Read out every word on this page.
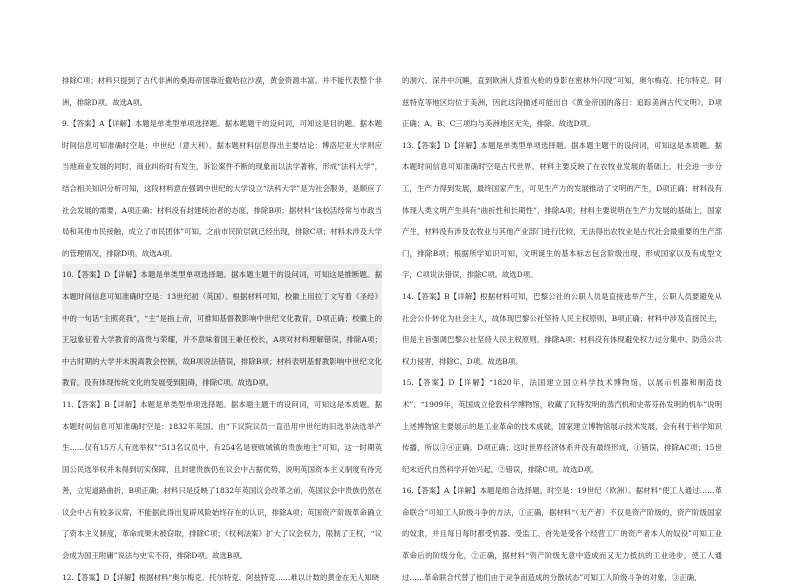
排除C项；材料只提到了古代非洲的桑海帝国靠近撒哈拉沙漠，黄金资源丰富，并不能代表整个非洲，排除D项。故选A项。

9.【答案】A【详解】本题是单类型单项选择题。据本题题干的设问词，可知这是目的题。据本题时间信息可知准确时空是：中世纪（意大利）。据本题材料信息得出主要结论：博洛尼亚大学则应当地商业发展的同时，商业纠纷时有发生，诉讼案件不断的现象而以法学著称，形成“法科大学”，结合相关知识分析可知，这段材料意在强调中世纪的大学设立“法科大学”是为社会服务，是顺应了社会发展的需要，A项正确；材料没有封建统治者的态度，排除B项；据材料“该校活经常与市政当局和其他市民接触，成立了市民团体”可知，之前市民阶层就已经出现，排除C项；材料未涉及大学的管理情况，排除D项。故选A项。

10.【答案】D【详解】本题是单类型单项选择题。据本题主题干的设问词，可知这是推断题。据本题时间信息可知准确时空是：13世纪初（英国）。根据材料可知，校徽上用拉丁文写着《圣经》中的一句话“主照亮我”，“主”是指上帝，可推知基督教影响中世纪文化教育，D项正确；校徽上的王冠象征着大学教育的高贵与荣耀，并不意味着国王兼任校长，A项对材料理解错误，排除A项；中古时期的大学并未脱离教会控制，故B项说法错误，排除B项；材料表明基督教影响中世纪文化教育，没有体现传统文化的发展受到阻碍，排除C项。故选D项。

11.【答案】B【详解】本题是单类型单项选择题。据本题主题干的设问词，可知这是本质题。据本题时间信息可知准确时空是：1832年英国。由“下议院议员一直沿用中世纪的旧选举法选举产生……仅有15万人有选举权”“513名议员中，有254名是衰败城镇的贵族地主”可知，这一时期英国公民选举权并未得到切实保障，且封建贵族仍在议会中占据优势，说明英国资本主义制度有待完善，立宪道路曲折，B项正确；材料只是反映了1832年英国议会改革之前，英国议会中贵族仍然在议会中占有较多议席，不能据此得出复辟风险始终存在的认识，排除A项；英国资产阶级革命确立了资本主义制度，革命成果未被窃取，排除C项；《权利法案》扩大了议会权力，限制了王权，“议会成为国王附庸”说法与史实不符，排除D项。故选B项。

12.【答案】D【详解】根据材料“奥尔梅克、托尔特克、阿兹特克……难以计数的黄金在无人知晓

的洞穴、深井中沉睡，直到欧洲人背着火枪的身影在密林外闪现”可知，奥尔梅克、托尔特克、阿兹特克等地区均位于美洲，因此这段描述可能出自《黄金帝国的落日：追踪美洲古代文明》，D项正确；A、B、C三项均与美洲地区无关，排除。故选D项。

13.【答案】D【详解】本题是单类型单项选择题。据本题主题干的设问词，可知这是本质题。据本题时间信息可知准确时空是古代世界。材料主要反映了在农牧业发展的基础上，社会进一步分工，生产力得到发展，最终国家产生，可见生产力的发展推动了文明的产生，D项正确；材料没有体现人类文明产生具有“曲折性和长期性”，排除A项；材料主要说明在生产力发展的基础上，国家产生，材料没有涉及农牧业与其他产业部门进行比较，无法得出农牧业是古代社会最重要的生产部门，排除B项；根据所学知识可知，文明诞生的基本标志包含阶级出现、形成国家以及有成型文字，C项说法错误，排除C项。故选D项。

14.【答案】B【详解】根据材料可知，巴黎公社的公职人员是直接选举产生，公职人员要避免从社会公仆转化为社会主人，故体现巴黎公社坚持人民主权原则，B项正确；材料中涉及直接民主，但是主旨强调巴黎公社坚持人民主权原则，排除A项；材料没有体现避免权力过分集中、防范公共权力侵害，排除C、D项。故选B项。

15.【答案】D【详解】“1820年，法国建立国立科学技术博物馆，以展示机器和制造技术”、“1909年，英国成立伦敦科学博物馆，收藏了瓦特发明的蒸汽机和史蒂芬孙发明的机车”说明上述博物馆主要展示的是工业革命的技术成就，国家建立博物馆展示技术发展，会有利于科学知识传播，所以③④正确，D项正确；这时世界经济体系并没有最终形成，①错误，排除AC项；15世纪末近代自然科学开始兴起，②错误，排除C项。故选D项。

16.【答案】A【详解】本题是组合选择题。时空是：19世纪（欧洲）。据材料“使工人通过……革命联合”可知工人阶级斗争的方法，①正确，据材料“（无产者）不仅是资产阶级的、资产阶级国家的奴隶，并且每日每时都受机器、受监工、首先是受各个经营工厂的资产者本人的奴役”可知工业革命后的阶级分化，②正确，据材料“资产阶级无意中造成而又无力抵抗的工业进步，使工人通过……革命联合代替了他们由于竞争而造成的分散状态”可知工人阶级斗争的对象，③正确，
